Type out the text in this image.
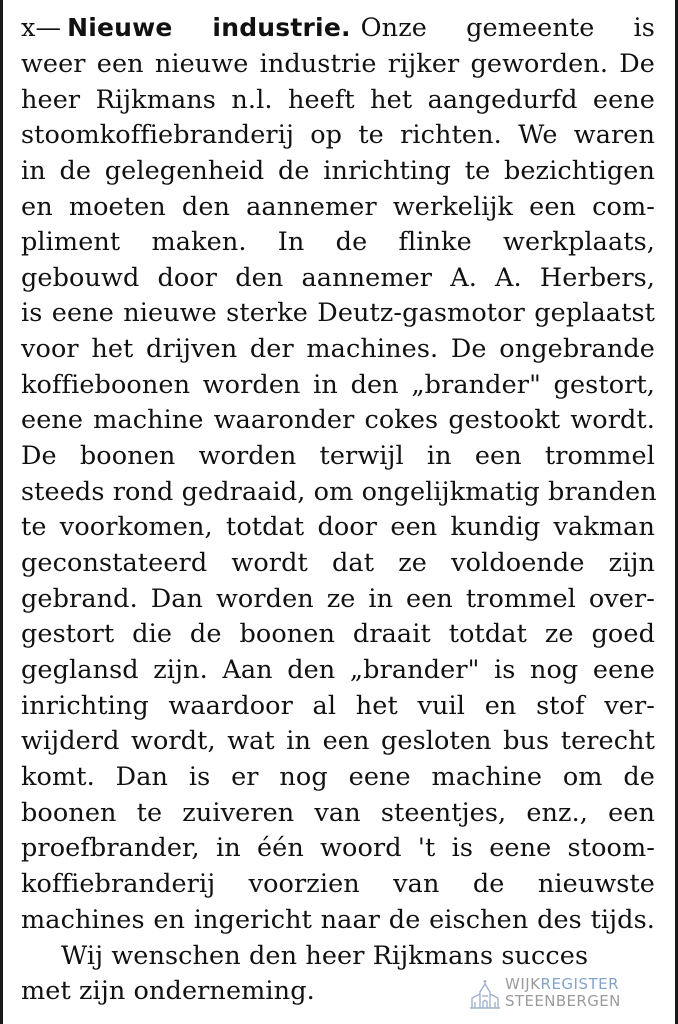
x— Nieuwe industrie. Onze gemeente is
weer een nieuwe industrie rijker geworden. De
heer Rijkmans n.l. heeft het aangedurfd eene
stoomkoffiebranderij op te richten. We waren
in de gelegenheid de inrichting te bezichtigen
en moeten den aannemer werkelijk een com-
pliment maken. In de flinke werkplaats,
gebouwd door den aannemer A. A. Herbers,
is eene nieuwe sterke Deutz-gasmotor geplaatst
voor het drijven der machines. De ongebrande
koffieboonen worden in den „brander" gestort,
eene machine waaronder cokes gestookt wordt.
De boonen worden terwijl in een trommel
steeds rond gedraaid, om ongelijkmatig branden
te voorkomen, totdat door een kundig vakman
geconstateerd wordt dat ze voldoende zijn
gebrand. Dan worden ze in een trommel over-
gestort die de boonen draait totdat ze goed
geglansd zijn. Aan den „brander" is nog eene
inrichting waardoor al het vuil en stof ver-
wijderd wordt, wat in een gesloten bus terecht
komt. Dan is er nog eene machine om de
boonen te zuiveren van steentjes, enz., een
proefbrander, in één woord 't is eene stoom-
koffiebranderij voorzien van de nieuwste
machines en ingericht naar de eischen des tijds.
Wij wenschen den heer Rijkmans succes
met zijn onderneming.	WIJKREGISTER
STEENBERGEN
